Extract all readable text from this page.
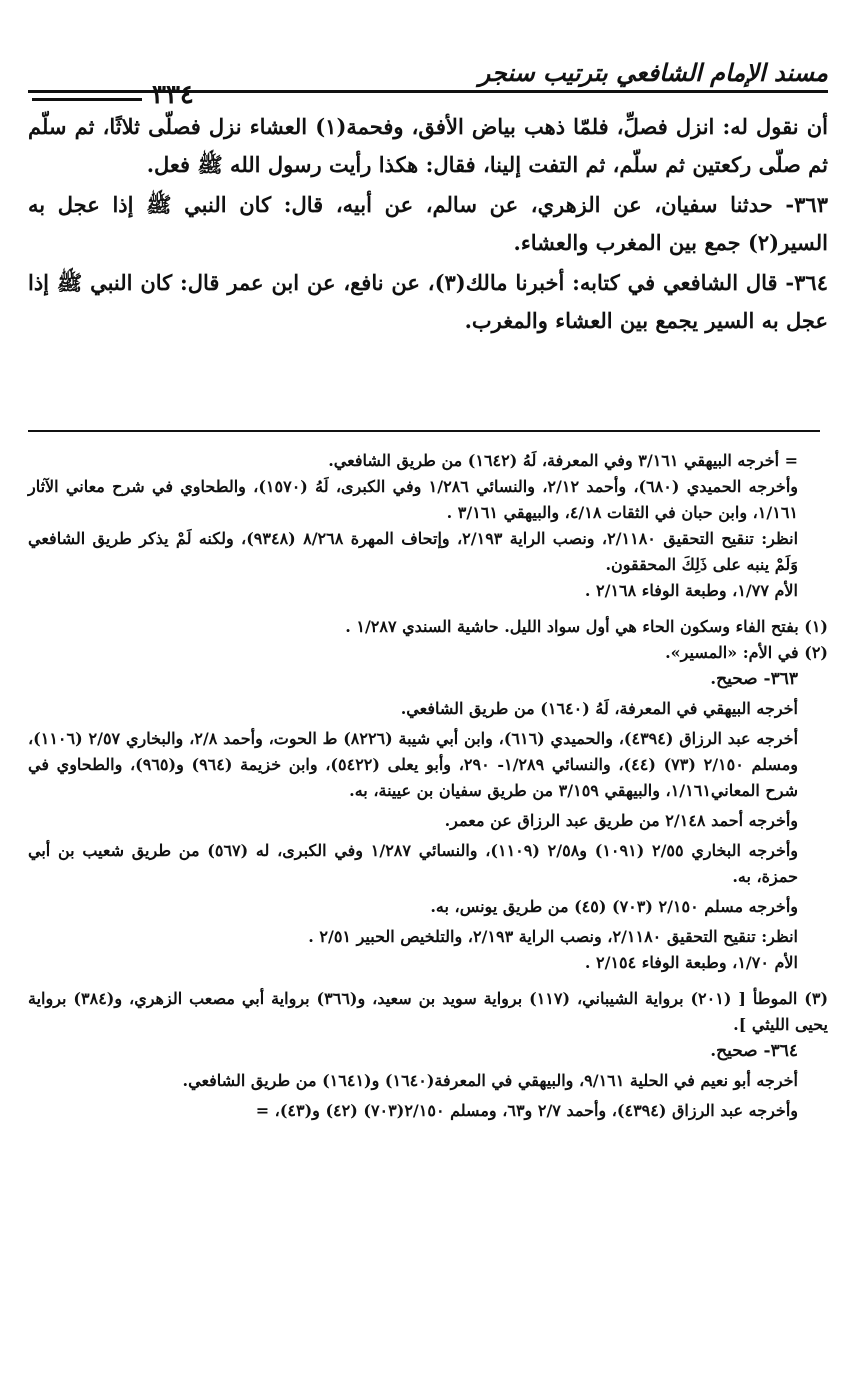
مسند الإمام الشافعي بترتيب سنجر
٣٣٤

أن نقول له: انزل فصلِّ، فلمّا ذهب بياض الأفق، وفحمة(١) العشاء نزل فصلّى ثلاثًا، ثم سلّم ثم صلّى ركعتين ثم سلّم، ثم التفت إلينا، فقال: هكذا رأيت رسول الله ﷺ فعل.

٣٦٣- حدثنا سفيان، عن الزهري، عن سالم، عن أبيه، قال: كان النبي ﷺ إذا عجل به السير(٢) جمع بين المغرب والعشاء.

٣٦٤- قال الشافعي في كتابه: أخبرنا مالك(٣)، عن نافع، عن ابن عمر قال: كان النبي ﷺ إذا عجل به السير يجمع بين العشاء والمغرب.

= أخرجه البيهقي ٣/١٦١ وفي المعرفة، لَهُ (١٦٤٢) من طريق الشافعي.

وأخرجه الحميدي (٦٨٠)، وأحمد ٢/١٢، والنسائي ١/٢٨٦ وفي الكبرى، لَهُ (١٥٧٠)، والطحاوي في شرح معاني الآثار ١/١٦١، وابن حبان في الثقات ٤/١٨، والبيهقي ٣/١٦١ .

انظر: تنقيح التحقيق ٢/١١٨٠، ونصب الراية ٢/١٩٣، وإتحاف المهرة ٨/٢٦٨ (٩٣٤٨)، ولكنه لَمْ يذكر طريق الشافعي وَلَمْ ينبه على ذَلِكَ المحققون.

الأم ١/٧٧، وطبعة الوفاء ٢/١٦٨ .

(١) بفتح الفاء وسكون الحاء هي أول سواد الليل. حاشية السندي ١/٢٨٧ .

(٢) في الأم: «المسير».

٣٦٣- صحيح.

أخرجه البيهقي في المعرفة، لَهُ (١٦٤٠) من طريق الشافعي.

أخرجه عبد الرزاق (٤٣٩٤)، والحميدي (٦١٦)، وابن أبي شيبة (٨٢٢٦) ط الحوت، وأحمد ٢/٨، والبخاري ٢/٥٧ (١١٠٦)، ومسلم ٢/١٥٠ (٧٣) (٤٤)، والنسائي ١/٢٨٩- ٢٩٠، وأبو يعلى (٥٤٢٢)، وابن خزيمة (٩٦٤) و(٩٦٥)، والطحاوي في شرح المعاني١/١٦١، والبيهقي ٣/١٥٩ من طريق سفيان بن عيينة، به.

وأخرجه أحمد ٢/١٤٨ من طريق عبد الرزاق عن معمر.

وأخرجه البخاري ٢/٥٥ (١٠٩١) و٢/٥٨ (١١٠٩)، والنسائي ١/٢٨٧ وفي الكبرى، له (٥٦٧) من طريق شعيب بن أبي حمزة، به.

وأخرجه مسلم ٢/١٥٠ (٧٠٣) (٤٥) من طريق يونس، به.

انظر: تنقيح التحقيق ٢/١١٨٠، ونصب الراية ٢/١٩٣، والتلخيص الحبير ٢/٥١ .

الأم ١/٧٠، وطبعة الوفاء ٢/١٥٤ .

(٣) الموطأ [ (٢٠١) برواية الشيباني، (١١٧) برواية سويد بن سعيد، و(٣٦٦) برواية أبي مصعب الزهري، و(٣٨٤) برواية يحيى الليثي ].

٣٦٤- صحيح.

أخرجه أبو نعيم في الحلية ٩/١٦١، والبيهقي في المعرفة(١٦٤٠) و(١٦٤١) من طريق الشافعي.

وأخرجه عبد الرزاق (٤٣٩٤)، وأحمد ٢/٧ و٦٣، ومسلم ٢/١٥٠(٧٠٣) (٤٢) و(٤٣)، =
